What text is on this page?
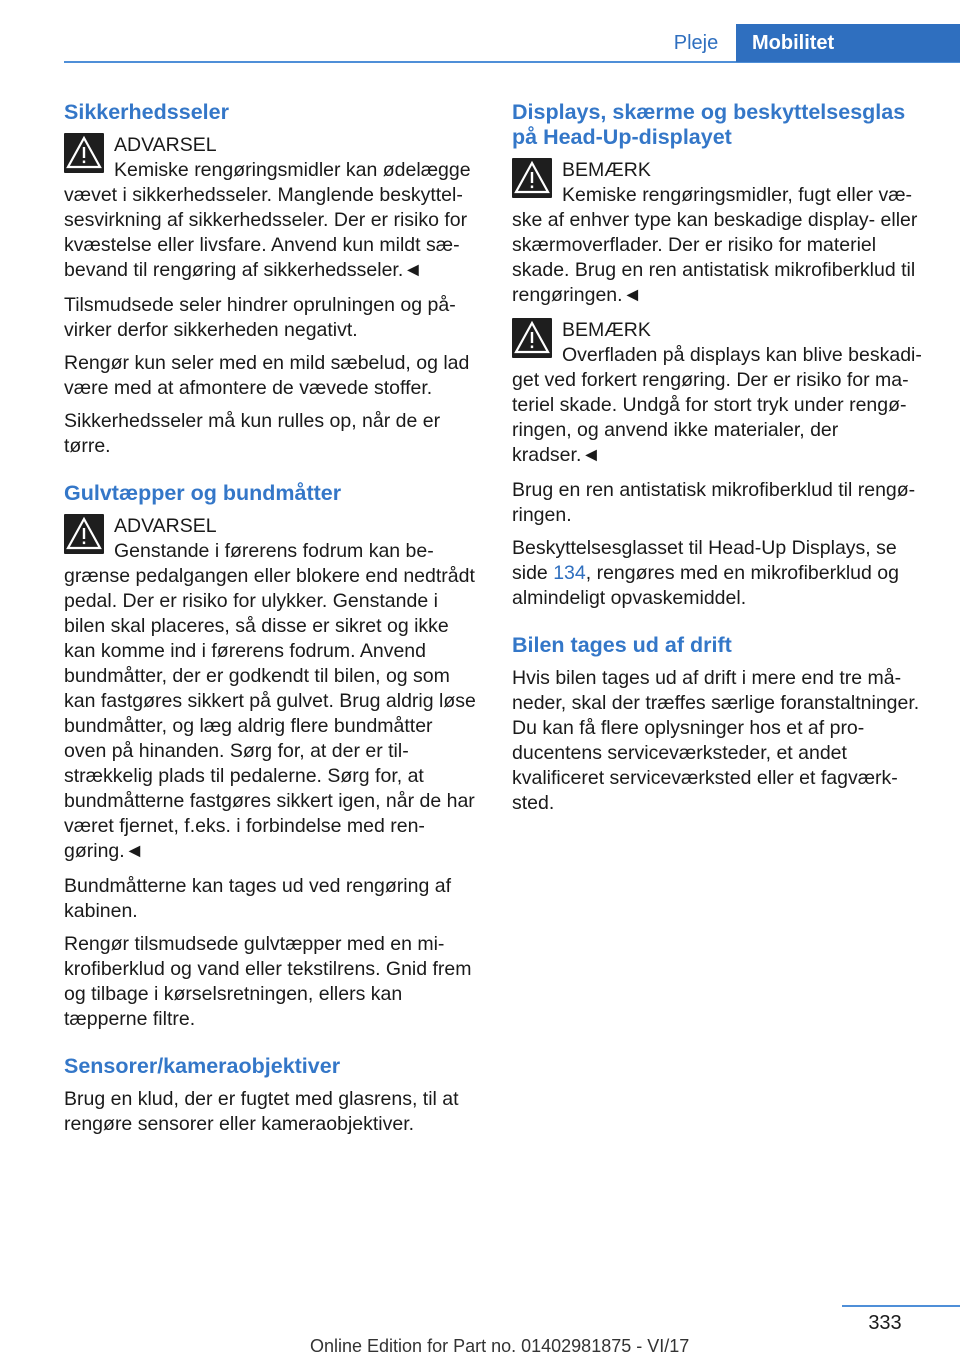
Pleje	Mobilitet
Sikkerhedsseler
ADVARSEL
Kemiske rengøringsmidler kan ødelægge vævet i sikkerhedsseler. Manglende beskyttelsesvirkning af sikkerhedsseler. Der er risiko for kvæstelse eller livsfare. Anvend kun mildt sæbevand til rengøring af sikkerhedsseler.◄

Tilsmudsede seler hindrer oprulningen og påvirker derfor sikkerheden negativt.

Rengør kun seler med en mild sæbelud, og lad være med at afmontere de vævede stoffer.

Sikkerhedsseler må kun rulles op, når de er tørre.

Gulvtæpper og bundmåtter
ADVARSEL
Genstande i førerens fodrum kan begrænse pedalgangen eller blokere end nedtrådt pedal. Der er risiko for ulykker. Genstande i bilen skal placeres, så disse er sikret og ikke kan komme ind i førerens fodrum. Anvend bundmåtter, der er godkendt til bilen, og som kan fastgøres sikkert på gulvet. Brug aldrig løse bundmåtter, og læg aldrig flere bundmåtter oven på hinanden. Sørg for, at der er tilstrækkelig plads til pedalerne. Sørg for, at bundmåtterne fastgøres sikkert igen, når de har været fjernet, f.eks. i forbindelse med rengøring.◄

Bundmåtterne kan tages ud ved rengøring af kabinen.

Rengør tilsmudsede gulvtæpper med en mikrofiberklud og vand eller tekstilrens. Gnid frem og tilbage i kørselsretningen, ellers kan tæpperne filtre.

Sensorer/kameraobjektiver

Brug en klud, der er fugtet med glasrens, til at rengøre sensorer eller kameraobjektiver.

Displays, skærme og beskyttelsesglas på Head-Up-displayet
BEMÆRK
Kemiske rengøringsmidler, fugt eller væske af enhver type kan beskadige display- eller skærmoverflader. Der er risiko for materiel skade. Brug en ren antistatisk mikrofiberklud til rengøringen.◄
BEMÆRK
Overfladen på displays kan blive beskadiget ved forkert rengøring. Der er risiko for materiel skade. Undgå for stort tryk under rengøringen, og anvend ikke materialer, der kradser.◄

Brug en ren antistatisk mikrofiberklud til rengøringen.

Beskyttelsesglasset til Head-Up Displays, se side 134, rengøres med en mikrofiberklud og almindeligt opvaskemiddel.

Bilen tages ud af drift

Hvis bilen tages ud af drift i mere end tre måneder, skal der træffes særlige foranstaltninger. Du kan få flere oplysninger hos et af producentens serviceværksteder, et andet kvalificeret serviceværksted eller et fagværksted.

333
Online Edition for Part no. 01402981875 - VI/17
